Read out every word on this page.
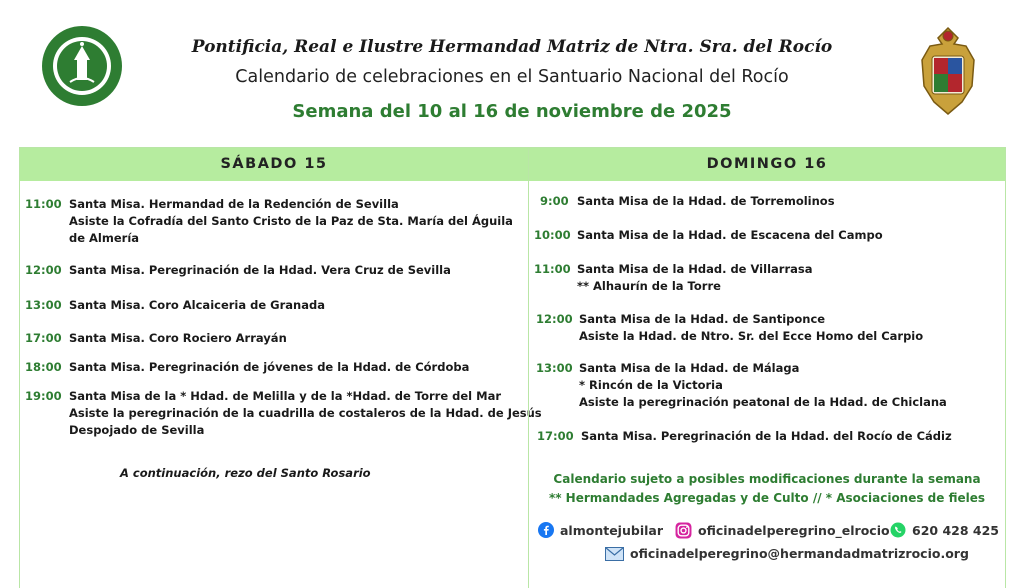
Pontificia, Real e Ilustre Hermandad Matriz de Ntra. Sra. del Rocío
Calendario de celebraciones en el Santuario Nacional del Rocío
Semana del 10 al 16 de noviembre de 2025
SÁBADO 15
11:00 Santa Misa. Hermandad de la Redención de Sevilla
Asiste la Cofradía del Santo Cristo de la Paz de Sta. María del Águila
de Almería
12:00 Santa Misa. Peregrinación de la Hdad. Vera Cruz de Sevilla
13:00 Santa Misa. Coro Alcaiceria de Granada
17:00 Santa Misa. Coro Rociero Arrayán
18:00 Santa Misa. Peregrinación de jóvenes de la Hdad. de Córdoba
19:00 Santa Misa de la * Hdad. de Melilla y de la *Hdad. de Torre del Mar
Asiste la peregrinación de la cuadrilla de costaleros de la Hdad. de Jesús
Despojado de Sevilla
A continuación, rezo del Santo Rosario
DOMINGO 16
9:00 Santa Misa de la Hdad. de Torremolinos
10:00 Santa Misa de la Hdad. de Escacena del Campo
11:00 Santa Misa de la Hdad. de Villarrasa
** Alhaurín de la Torre
12:00 Santa Misa de la Hdad. de Santiponce
Asiste la Hdad. de Ntro. Sr. del Ecce Homo del Carpio
13:00 Santa Misa de la Hdad. de Málaga
* Rincón de la Victoria
Asiste la peregrinación peatonal de la Hdad. de Chiclana
17:00 Santa Misa. Peregrinación de la Hdad. del Rocío de Cádiz
Calendario sujeto a posibles modificaciones durante la semana
** Hermandades Agregadas y de Culto // * Asociaciones de fieles
almontejubilar	oficinadelperegrino_elrocio 620 428 425
oficinadelperegrino@hermandadmatrizrocio.org
